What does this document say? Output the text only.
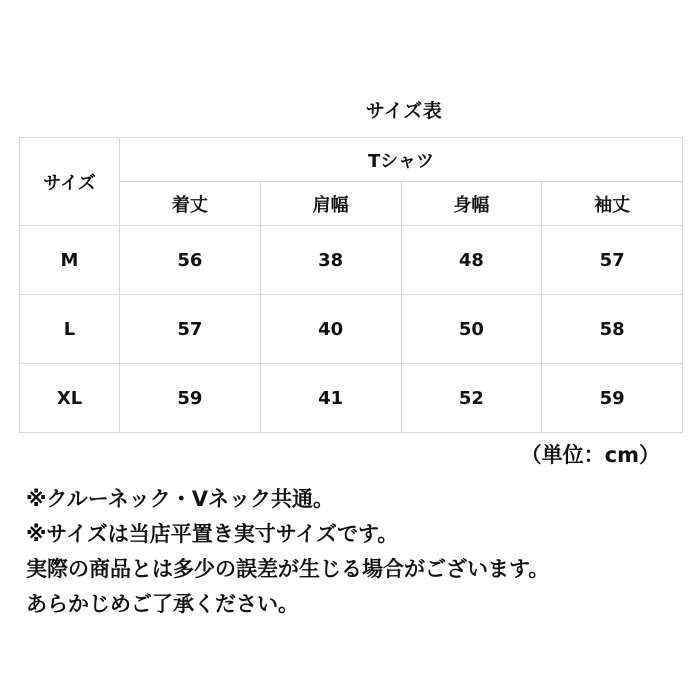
サイズ表
サイズ	Tシャツ			
	着丈	肩幅	身幅	袖丈
M	56	38	48	57
L	57	40	50	58
XL	59	41	52	59
（単位：cm）

※クルーネック・Vネック共通。

※サイズは当店平置き実寸サイズです。

実際の商品とは多少の誤差が生じる場合がございます。

あらかじめご了承ください。
